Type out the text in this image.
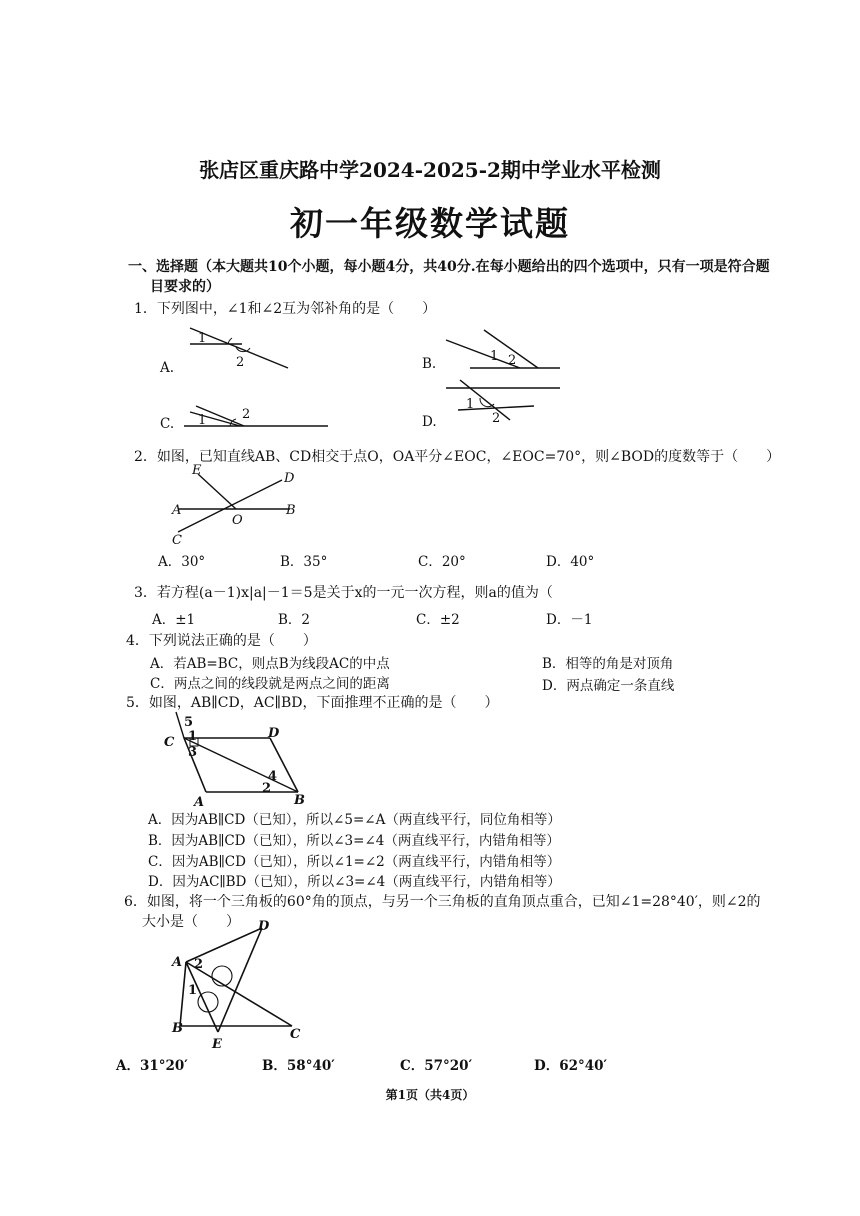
张店区重庆路中学2024-2025-2期中学业水平检测
初一年级数学试题
一、选择题（本大题共10个小题，每小题4分，共40分.在每小题给出的四个选项中，只有一项是符合题
目要求的）
1．下列图中，∠1和∠2互为邻补角的是（　　）
A.	B.
C.	D.
1
2	1 2
1	2
1
2
2．如图，已知直线AB、CD相交于点O，OA平分∠EOC，∠EOC=70°，则∠BOD的度数等于（　　）
E
D
A
O
B
C
A．30°	B．35°	C．20°	D．40°
3．若方程(a－1)x|a|－1＝5是关于x的一元一次方程，则a的值为（
A．±1	B．2	C．±2	D．－1
4．下列说法正确的是（　　）
A．若AB=BC，则点B为线段AC的中点	B．相等的角是对顶角
C．两点之间的线段就是两点之间的距离	D．两点确定一条直线
5．如图，AB∥CD，AC∥BD，下面推理不正确的是（　　）
5
C
D
3
1
4
2
A	B
A．因为AB∥CD（已知），所以∠5=∠A（两直线平行，同位角相等）
B．因为AB∥CD（已知），所以∠3=∠4（两直线平行，内错角相等）
C．因为AB∥CD（已知），所以∠1=∠2（两直线平行，内错角相等）
D．因为AC∥BD（已知），所以∠3=∠4（两直线平行，内错角相等）
6．如图，将一个三角板的60°角的顶点，与另一个三角板的直角顶点重合，已知∠1=28°40′，则∠2的
大小是（　　） D
A 2
1
B
E
C
A．31°20′	B．58°40′	C．57°20′	D．62°40′
第1页（共4页）
